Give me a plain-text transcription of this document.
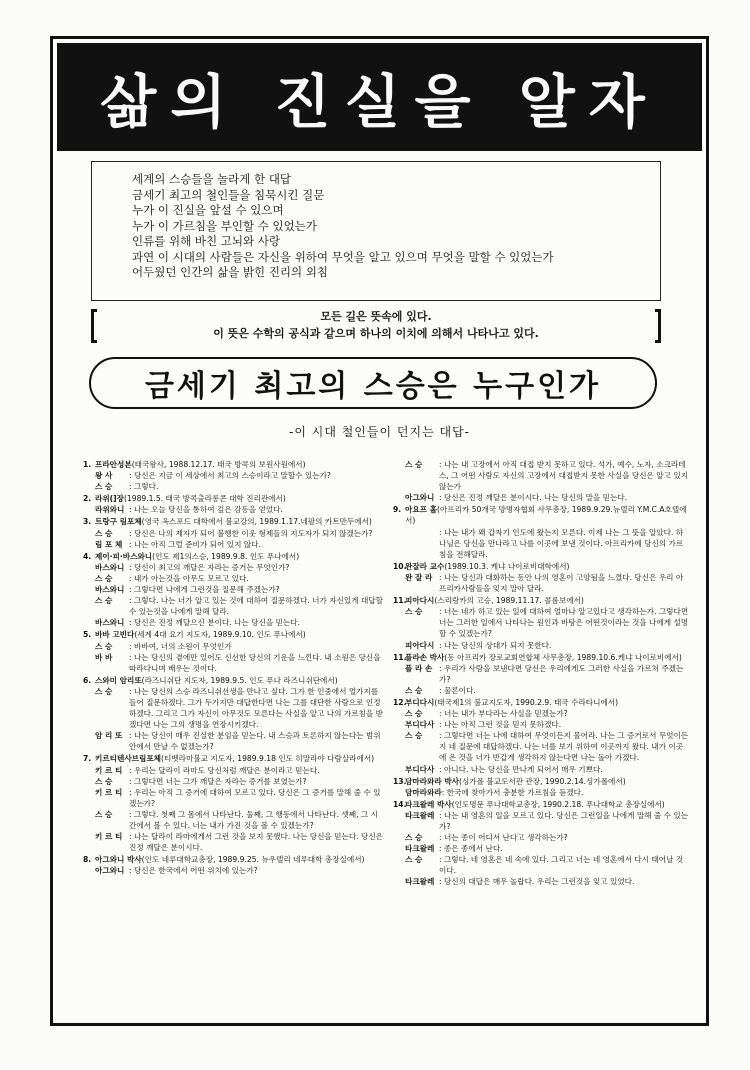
삶의 진실을 알자
세계의 스승들을 놀라게 한 대답
금세기 최고의 철인들을 침묵시킨 질문
누가 이 진실을 앞설 수 있으며
누가 이 가르침을 부인할 수 있었는가
인류를 위해 바친 고뇌와 사랑
과연 이 시대의 사람들은 자신을 위하여 무엇을 알고 있으며 무엇을 말할 수 있었는가
어두웠던 인간의 삶을 밝힌 진리의 외침
모든 길은 뜻속에 있다.
이 뜻은 수학의 공식과 같으며 하나의 이치에 의해서 나타나고 있다.
금세기 최고의 스승은 누구인가
-이 시대 철인들이 던지는 대답-
1. 프라안성본(태국왕사, 1988.12.17. 태국 방콕의 보원사원에서)
왕 사	: 당신은 지금 이 세상에서 최고의 스승이라고 말할수 있는가?
스 승	: 그렇다.
2. 라위(]장(1989.1.5. 태국 방콕출라롱콘 대학 진리관에서)
라위와니 : 나는 오늘 당신을 통하여 깊은 감동을 얻었다.
3. 트랑구 림포체(영국 옥스포드 대학에서 불교강의, 1989.1.17.네팔의 카트만두에서)
스 승	: 당신은 나의 제자가 되어 불행한 이웃 형제들의 지도자가 되지 않겠는가?
림 포 체 : 나는 아직 그럴 준비가 되어 있지 않다.
4. 제이·피·바스와니(인도 제1의스승, 1989.9.8. 인도 푸나에서)
바스와니 : 당신이 최고의 깨달은 자라는 증거는 무엇인가?
스 승	: 내가 아는것을 아무도 모르고 있다.
바스와니 : 그렇다면 나에게 그런것을 질문해 주겠는가?
스 승	: 그렇다. 나는 너가 알고 있는 것에 대하여 질문하겠다. 너가 자신있게 대답할 수 있는것을 나에게 말해 달라.
바스와니 : 당신은 진정 깨달으신 분이다. 나는 당신을 믿는다.
5. 바바 고빈다(세계 4대 요기 지도자, 1989.9.10. 인도 푸나에서)
스 승	: 바바여, 너의 소원이 무엇인가
바 바	: 나는 당신의 곁에만 있어도 신선한 당신의 기운을 느낀다. 내 소원은 당신을 따라다니며 배우는 것이다.
6. 스와미 암리또(라즈니쉬단 지도자, 1989.9.5. 인도 푸나 라즈니쉬단에서)
스 승	: 나는 당신의 스승 라즈니쉬선생을 만나고 싶다. 그가 한 인중에서 얼가지를 들어 질문하겠다. 그가 두가지만 대답한다면 나는 그를 대단한 사람으로 인정하겠다. 그리고 그가 자신이 아무것도 모른다는 사실을 알고 나의 가르침을 받겠다면 나는 그의 생명을 연장시키겠다.
암 리 또 : 나는 당신이 매우 진실한 분임을 믿는다. 내 스승과 토론하지 않는다는 범위안에서 만날 수 없겠는가?
7. 키르티텐사브림포체(티벳라마불교 지도자, 1989.9.18 인도 히말라야 다람살라에서)
키 르 티 : 우리는 달라이 라마도 당신처럼 깨달은 분이라고 믿는다.
스 승	: 그렇다면 너는 그가 깨달은 자라는 증거를 보였는가?
키 르 티 : 우리는 아직 그 증거에 대하여 모르고 있다. 당신은 그 증거를 말해 줄 수 있겠는가?
스 승	: 그렇다. 첫째 그 몸에서 나타난다. 둘째, 그 행동에서 나타난다. 셋째, 그 시간에서 볼 수 있다. 너는 내가 가진 것을 볼 수 있겠는가?
키 르 티 : 나는 달라이 라마에게서 그런 것을 보지 못했다. 나는 당신을 믿는다. 당신은 진정 깨달은 분이시다.
8. 아그와니 박사(인도 네루대학교총장, 1989.9.25. 뉴우델리 네루대학 총장실에서)
아그와니 : 당신은 한국에서 어떤 위치에 있는가?
스 승	: 나는 내 고장에서 아직 대접 받지 못하고 있다. 석가, 예수, 노자, 소크라테스, 그 어떤 사람도 자신의 고장에서 대접받지 못한 사실을 당신은 알고 있지 않는가
아그와니 : 당신은 진정 깨달은 분이시다. 나는 당신의 말을 믿는다.
9. 아요프 홀(아프리카 50개국 망명자협회 사무총장, 1989.9.29.뉴델리 Y.M.C.A호텔에서)
: 나는 내가 왜 갑자기 인도에 왔는지 모른다. 이제 나는 그 뜻을 알았다. 하나님은 당신을 만나라고 나를 이곳에 보낸 것이다. 아프리카에 당신의 가르침을 전해달라.
10.완잘라 교수(1989.10.3. 케냐 나이로비대학에서)
완 잘 라 : 나는 당신과 대화하는 동안 나의 영혼이 고양됨을 느꼈다. 당신은 우리 아프리카사람들을 잊지 말아 달라.
11.피아다시(스리랑카의 고승, 1989.11.17. 콜롬보에서)
스 승	: 너는 네가 하고 있는 일에 대하여 얼마나 알고있다고 생각하는가. 그렇다면 너는 그러한 일에서 나타나는 원인과 바탕은 어떤것이라는 것을 나에게 설명 할 수 있겠는가?
피아다시 : 나는 당신의 상대가 되지 못한다.
11.플라손 박사(동 아프리카 장로교회연합체 사무총장, 1989.10.6.케냐 나이로비에서)
플 라 손 : 우리가 사람을 보낸다면 당신은 우리에게도 그러한 사실을 가르쳐 주겠는가?
스 승	: 물론이다.
12.부디다시(태국제1의 불교지도자, 1990.2.9. 태국 수라타니에서)
스 승	: 너는 내가 부다라는 사실을 믿겠는가?
부디다사 : 나는 아직 그런 것을 믿지 못하겠다.
스 승	: 그렇다면 너는 나에 대하여 무엇이든지 물어라. 나는 그 증거로서 무엇이든지 네 질문에 대답하겠다. 나는 너를 보기 위하여 이곳까지 왔다. 내가 이곳에 온 것을 너가 반갑게 생각하지 않는다면 나는 돌아 가겠다.
부디다사 : 아니다. 나는 당신을 만나게 되어서 매우 기쁘다.
13.담마라와라 박사(싱가폴 불교도서관 관장, 1990.2.14.싱가폴에서)
담마라와라 : 한국에 찾아가서 충분한 가르침을 듣겠다.
14.타크왈레 박사(인도명문 푸나대학교총장, 1990.2.18. 푸나대학교 총장실에서)
타크왈레 : 나는 내 영혼의 일을 모르고 있다. 당신은 그런일을 나에게 말해 줄 수 있는가?
스 승	: 너는 종이 어디서 난다고 생각하는가?
타크왈레 : 종은 종에서 난다.
스 승	: 그렇다. 네 영혼은 네 속에 있다. 그리고 너는 네 영혼에서 다시 태어날 것이다.
타크왈레 : 당신의 대답은 매우 놀랍다. 우리는 그런것을 잊고 있었다.
